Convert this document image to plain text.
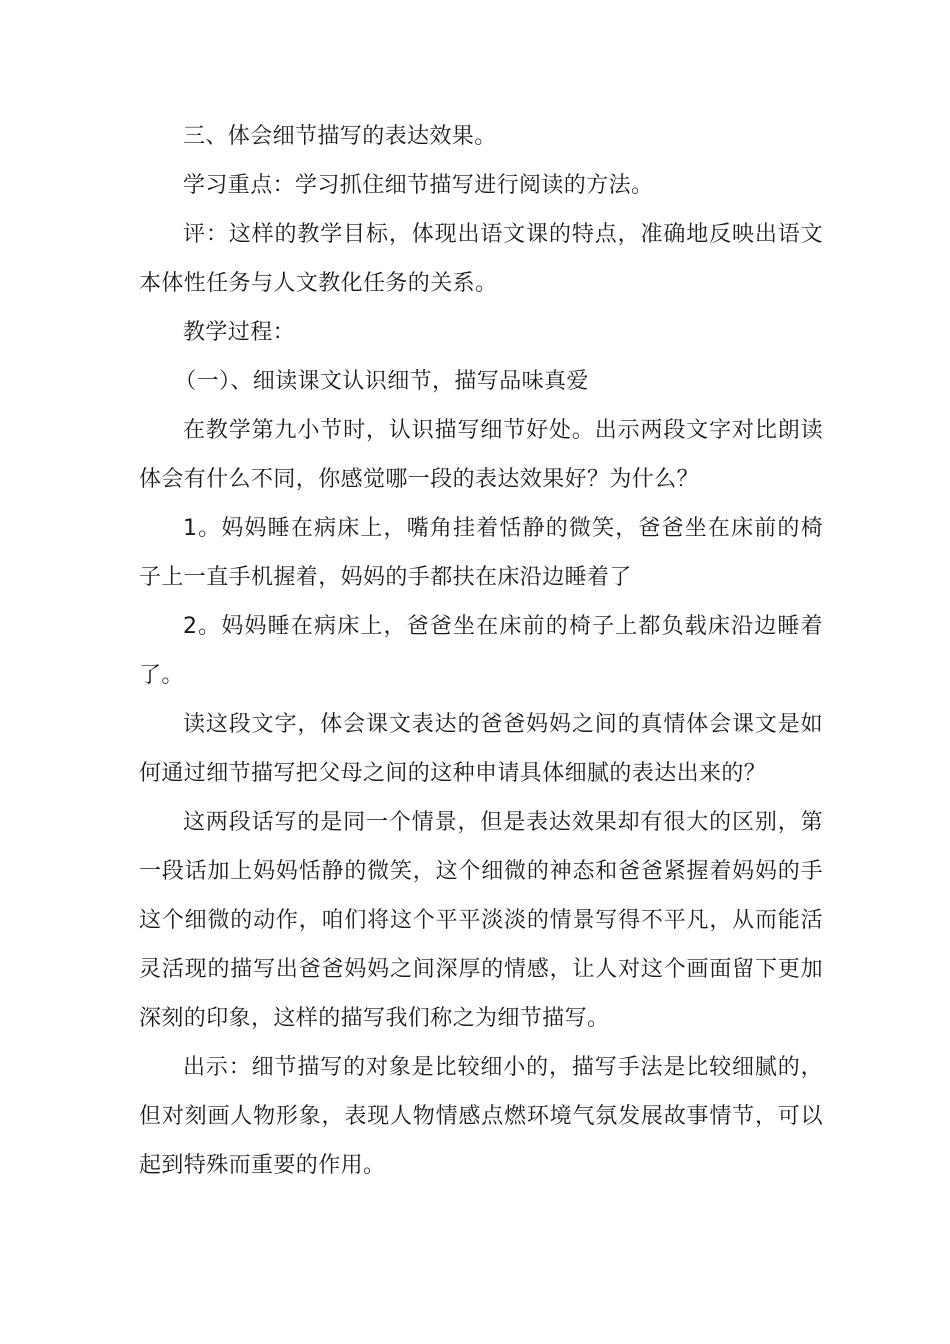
三、体会细节描写的表达效果。

学习重点：学习抓住细节描写进行阅读的方法。

评：这样的教学目标，体现出语文课的特点，准确地反映出语文本体性任务与人文教化任务的关系。

教学过程：

（一）、细读课文认识细节，描写品味真爱

在教学第九小节时，认识描写细节好处。出示两段文字对比朗读体会有什么不同，你感觉哪一段的表达效果好？为什么？

1。妈妈睡在病床上，嘴角挂着恬静的微笑，爸爸坐在床前的椅子上一直手机握着，妈妈的手都扶在床沿边睡着了

2。妈妈睡在病床上，爸爸坐在床前的椅子上都负载床沿边睡着了。

读这段文字，体会课文表达的爸爸妈妈之间的真情体会课文是如何通过细节描写把父母之间的这种申请具体细腻的表达出来的？

这两段话写的是同一个情景，但是表达效果却有很大的区别，第一段话加上妈妈恬静的微笑，这个细微的神态和爸爸紧握着妈妈的手这个细微的动作，咱们将这个平平淡淡的情景写得不平凡，从而能活灵活现的描写出爸爸妈妈之间深厚的情感，让人对这个画面留下更加深刻的印象，这样的描写我们称之为细节描写。

出示：细节描写的对象是比较细小的，描写手法是比较细腻的，但对刻画人物形象，表现人物情感点燃环境气氛发展故事情节，可以起到特殊而重要的作用。
